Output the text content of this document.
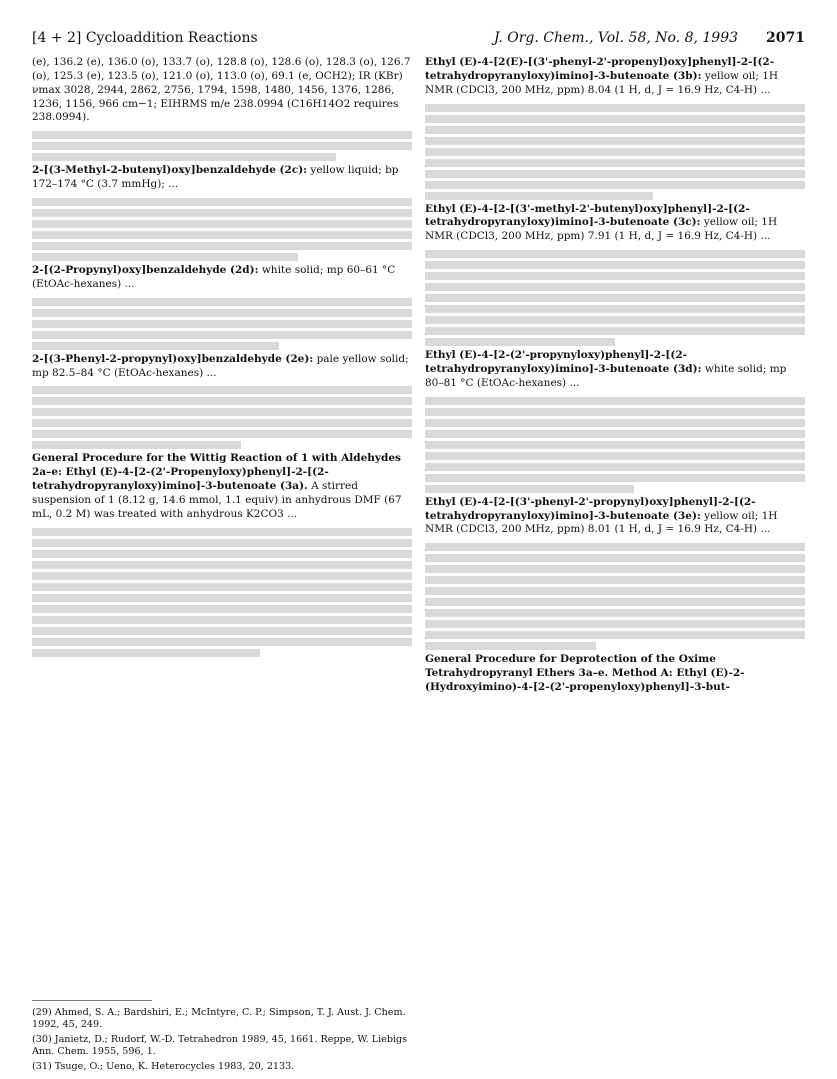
[4 + 2] Cycloaddition Reactions	J. Org. Chem., Vol. 58, No. 8, 1993 2071
(e), 136.2 (e), 136.0 (o), 133.7 (o), 128.8 (o), 128.6 (o), 128.3 (o), 126.7 (o), 125.3 (e), 123.5 (o), 121.0 (o), 113.0 (o), 69.1 (e, OCH2); IR (KBr) νmax 3028, 2944, 2862, 2756, 1794, 1598, 1480, 1456, 1376, 1286, 1236, 1156, 966 cm−1; EIHRMS m/e 238.0994 (C16H14O2 requires 238.0994).
2-[(3-Methyl-2-butenyl)oxy]benzaldehyde (2c): yellow liquid; bp 172–174 °C (3.7 mmHg); ...
2-[(2-Propynyl)oxy]benzaldehyde (2d): white solid; mp 60–61 °C (EtOAc-hexanes) ...
2-[(3-Phenyl-2-propynyl)oxy]benzaldehyde (2e): pale yellow solid; mp 82.5–84 °C (EtOAc-hexanes) ...
General Procedure for the Wittig Reaction of 1 with Aldehydes 2a–e: Ethyl (E)-4-[2-(2'-Propenyloxy)phenyl]-2-[(2-tetrahydropyranyloxy)imino]-3-butenoate (3a). A stirred suspension of 1 (8.12 g, 14.6 mmol, 1.1 equiv) in anhydrous DMF (67 mL, 0.2 M) was treated with anhydrous K2CO3 ...
Ethyl (E)-4-[2(E)-[(3'-phenyl-2'-propenyl)oxy]phenyl]-2-[(2-tetrahydropyranyloxy)imino]-3-butenoate (3b): yellow oil; 1H NMR (CDCl3, 200 MHz, ppm) 8.04 (1 H, d, J = 16.9 Hz, C4-H) ...
Ethyl (E)-4-[2-[(3'-methyl-2'-butenyl)oxy]phenyl]-2-[(2-tetrahydropyranyloxy)imino]-3-butenoate (3c): yellow oil; 1H NMR (CDCl3, 200 MHz, ppm) 7.91 (1 H, d, J = 16.9 Hz, C4-H) ...
Ethyl (E)-4-[2-(2'-propynyloxy)phenyl]-2-[(2-tetrahydropyranyloxy)imino]-3-butenoate (3d): white solid; mp 80–81 °C (EtOAc-hexanes) ...
Ethyl (E)-4-[2-[(3'-phenyl-2'-propynyl)oxy]phenyl]-2-[(2-tetrahydropyranyloxy)imino]-3-butenoate (3e): yellow oil; 1H NMR (CDCl3, 200 MHz, ppm) 8.01 (1 H, d, J = 16.9 Hz, C4-H) ...
General Procedure for Deprotection of the Oxime Tetrahydropyranyl Ethers 3a–e. Method A: Ethyl (E)-2-(Hydroxyimino)-4-[2-(2'-propenyloxy)phenyl]-3-but-
(29) Ahmed, S. A.; Bardshiri, E.; McIntyre, C. P.; Simpson, T. J. Aust. J. Chem. 1992, 45, 249.
(30) Janietz, D.; Rudorf, W.-D. Tetrahedron 1989, 45, 1661. Reppe, W. Liebigs Ann. Chem. 1955, 596, 1.
(31) Tsuge, O.; Ueno, K. Heterocycles 1983, 20, 2133.
